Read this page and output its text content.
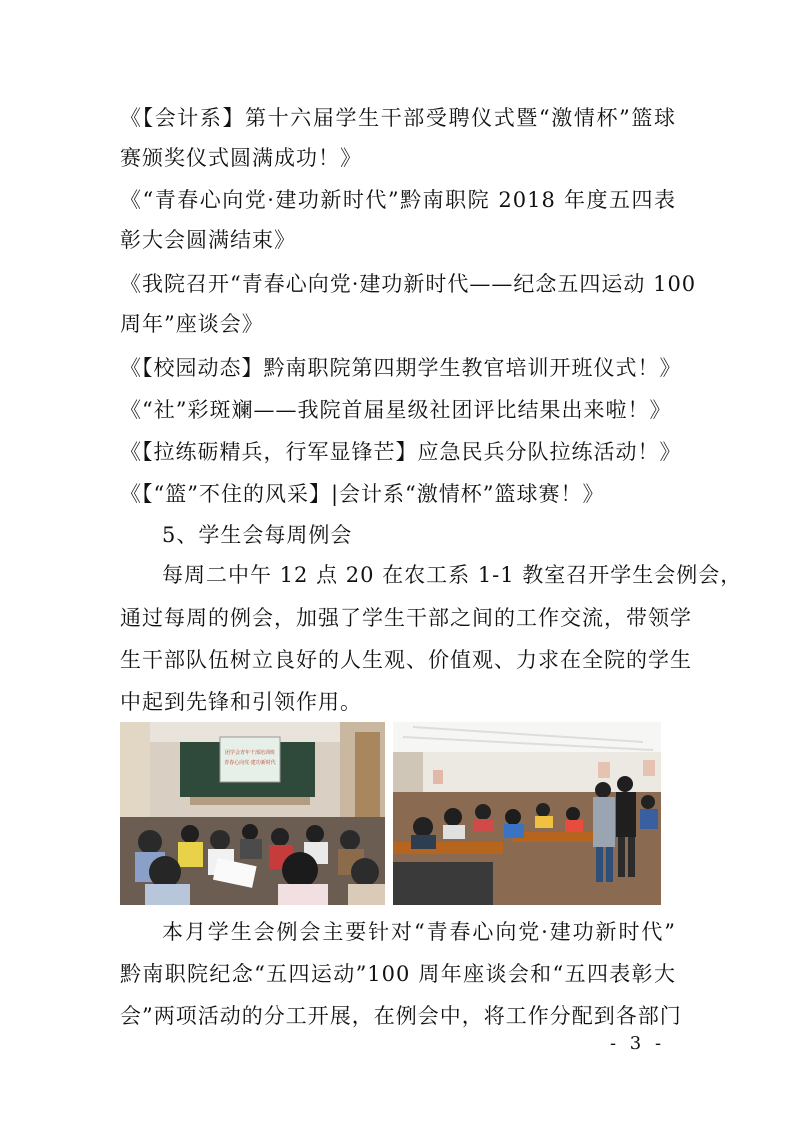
《【会计系】第十六届学生干部受聘仪式暨“激情杯”篮球
赛颁奖仪式圆满成功！》
《“青春心向党·建功新时代”黔南职院 2018 年度五四表
彰大会圆满结束》
《我院召开“青春心向党·建功新时代——纪念五四运动 100
周年”座谈会》
《【校园动态】黔南职院第四期学生教官培训开班仪式！》
《“社”彩斑斓——我院首届星级社团评比结果出来啦！》
《【拉练砺精兵，行军显锋芒】应急民兵分队拉练活动！》
《【“篮”不住的风采】|会计系“激情杯”篮球赛！》
5、学生会每周例会
每周二中午 12 点 20 在农工系 1-1 教室召开学生会例会，
通过每周的例会，加强了学生干部之间的工作交流，带领学
生干部队伍树立良好的人生观、价值观、力求在全院的学生
中起到先锋和引领作用。
团学会青年干部培训班
青春心向党·建功新时代
本月学生会例会主要针对“青春心向党·建功新时代”
黔南职院纪念“五四运动”100 周年座谈会和“五四表彰大
会”两项活动的分工开展，在例会中，将工作分配到各部门
- 3 -
